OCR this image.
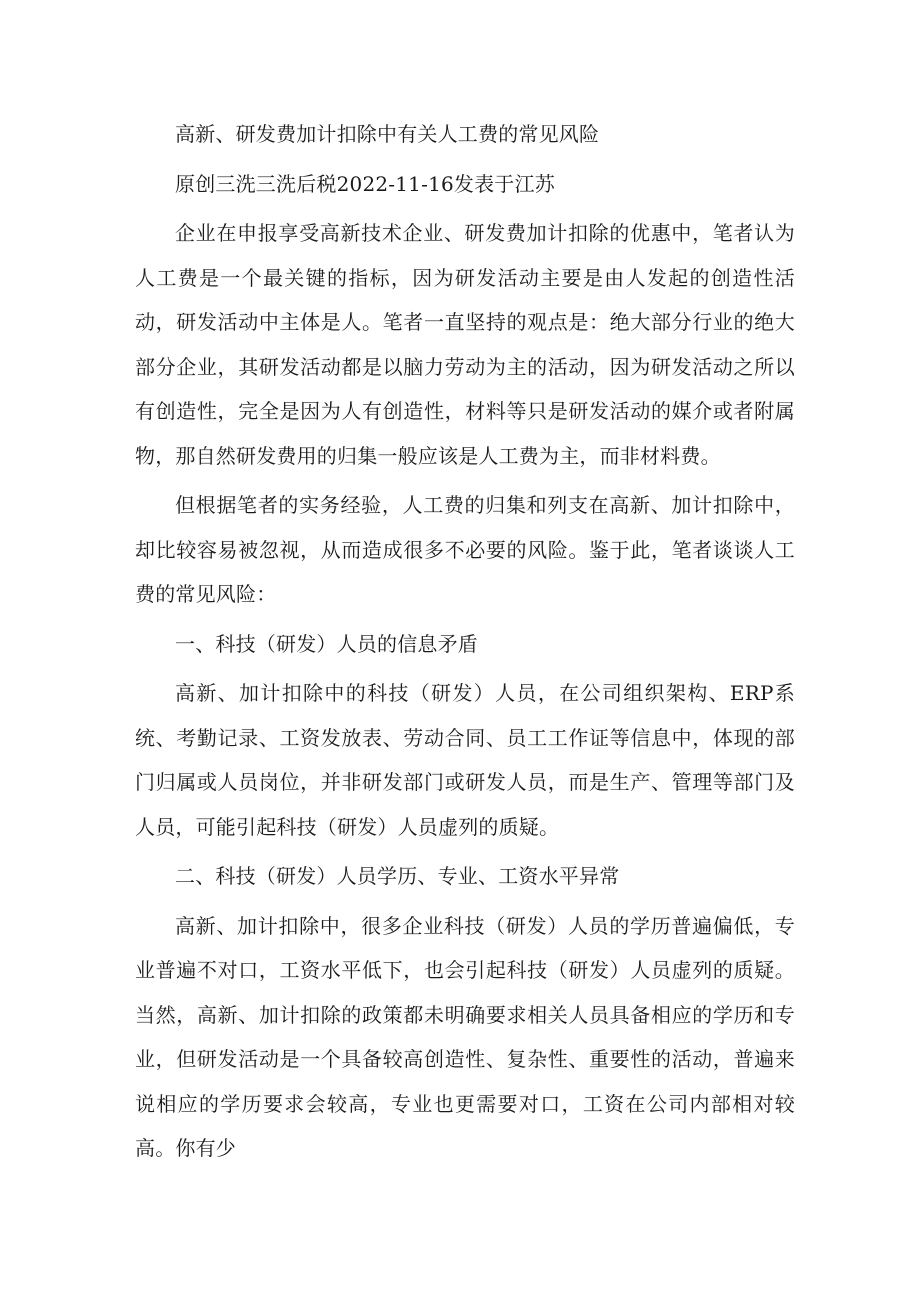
高新、研发费加计扣除中有关人工费的常见风险

原创三洗三洗后税2022-11-16发表于江苏

企业在申报享受高新技术企业、研发费加计扣除的优惠中，笔者认为人工费是一个最关键的指标，因为研发活动主要是由人发起的创造性活动，研发活动中主体是人。笔者一直坚持的观点是：绝大部分行业的绝大部分企业，其研发活动都是以脑力劳动为主的活动，因为研发活动之所以有创造性，完全是因为人有创造性，材料等只是研发活动的媒介或者附属物，那自然研发费用的归集一般应该是人工费为主，而非材料费。

但根据笔者的实务经验，人工费的归集和列支在高新、加计扣除中，却比较容易被忽视，从而造成很多不必要的风险。鉴于此，笔者谈谈人工费的常见风险：

一、科技（研发）人员的信息矛盾

高新、加计扣除中的科技（研发）人员，在公司组织架构、ERP系统、考勤记录、工资发放表、劳动合同、员工工作证等信息中，体现的部门归属或人员岗位，并非研发部门或研发人员，而是生产、管理等部门及人员，可能引起科技（研发）人员虚列的质疑。

二、科技（研发）人员学历、专业、工资水平异常

高新、加计扣除中，很多企业科技（研发）人员的学历普遍偏低，专业普遍不对口，工资水平低下，也会引起科技（研发）人员虚列的质疑。当然，高新、加计扣除的政策都未明确要求相关人员具备相应的学历和专业，但研发活动是一个具备较高创造性、复杂性、重要性的活动，普遍来说相应的学历要求会较高，专业也更需要对口，工资在公司内部相对较高。你有少
